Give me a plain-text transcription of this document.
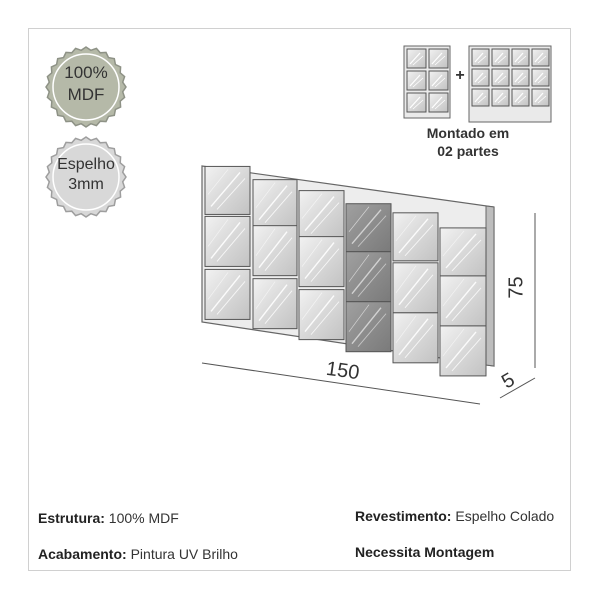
+
100%
MDF
Espelho
3mm
Montado em
02 partes
150
75
5
Estrutura: 100% MDF
Acabamento: Pintura UV Brilho
Revestimento: Espelho Colado
Necessita Montagem
